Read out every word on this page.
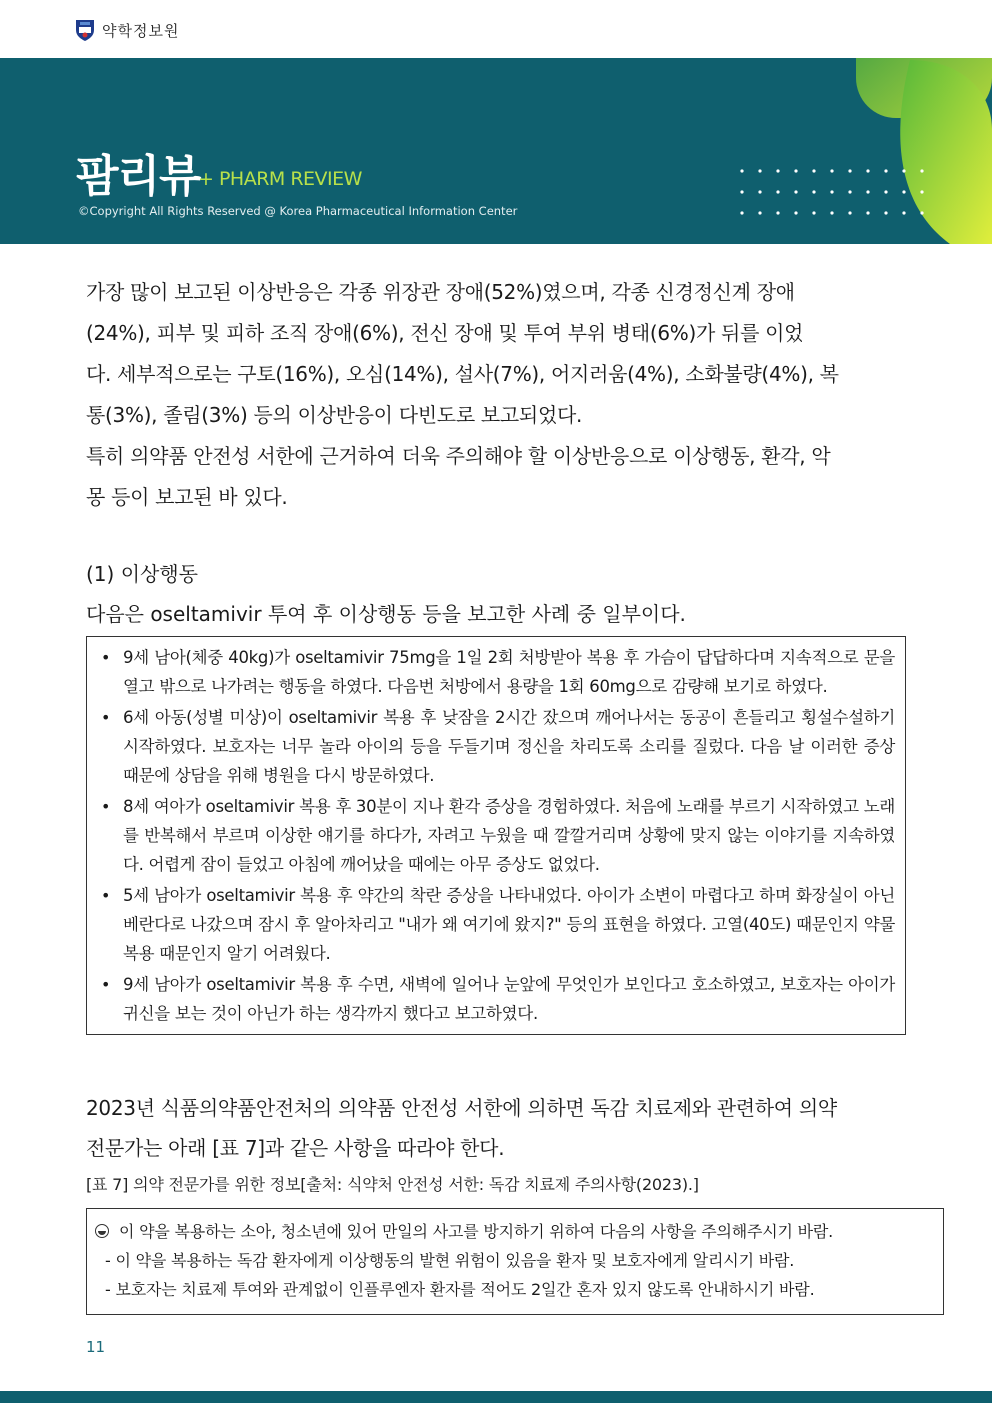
약학정보원
팜리뷰
+ PHARM REVIEW
©Copyright All Rights Reserved @ Korea Pharmaceutical Information Center

가장 많이 보고된 이상반응은 각종 위장관 장애(52%)였으며, 각종 신경정신계 장애

(24%), 피부 및 피하 조직 장애(6%), 전신 장애 및 투여 부위 병태(6%)가 뒤를 이었

다. 세부적으로는 구토(16%), 오심(14%), 설사(7%), 어지러움(4%), 소화불량(4%), 복

통(3%), 졸림(3%) 등의 이상반응이 다빈도로 보고되었다.

특히 의약품 안전성 서한에 근거하여 더욱 주의해야 할 이상반응으로 이상행동, 환각, 악

몽 등이 보고된 바 있다.

(1) 이상행동
다음은 oseltamivir 투여 후 이상행동 등을 보고한 사례 중 일부이다.
• 9세 남아(체중 40kg)가 oseltamivir 75mg을 1일 2회 처방받아 복용 후 가슴이 답답하다며 지속적으로 문을 열고 밖으로 나가려는 행동을 하였다. 다음번 처방에서 용량을 1회 60mg으로 감량해 보기로 하였다.
• 6세 아동(성별 미상)이 oseltamivir 복용 후 낮잠을 2시간 잤으며 깨어나서는 동공이 흔들리고 횡설수설하기 시작하였다. 보호자는 너무 놀라 아이의 등을 두들기며 정신을 차리도록 소리를 질렀다. 다음 날 이러한 증상 때문에 상담을 위해 병원을 다시 방문하였다.
• 8세 여아가 oseltamivir 복용 후 30분이 지나 환각 증상을 경험하였다. 처음에 노래를 부르기 시작하였고 노래를 반복해서 부르며 이상한 얘기를 하다가, 자려고 누웠을 때 깔깔거리며 상황에 맞지 않는 이야기를 지속하였다. 어렵게 잠이 들었고 아침에 깨어났을 때에는 아무 증상도 없었다.
• 5세 남아가 oseltamivir 복용 후 약간의 착란 증상을 나타내었다. 아이가 소변이 마렵다고 하며 화장실이 아닌 베란다로 나갔으며 잠시 후 알아차리고 "내가 왜 여기에 왔지?" 등의 표현을 하였다. 고열(40도) 때문인지 약물 복용 때문인지 알기 어려웠다.
• 9세 남아가 oseltamivir 복용 후 수면, 새벽에 일어나 눈앞에 무엇인가 보인다고 호소하였고, 보호자는 아이가 귀신을 보는 것이 아닌가 하는 생각까지 했다고 보고하였다.
2023년 식품의약품안전처의 의약품 안전성 서한에 의하면 독감 치료제와 관련하여 의약
전문가는 아래 [표 7]과 같은 사항을 따라야 한다.
[표 7] 의약 전문가를 위한 정보[출처: 식약처 안전성 서한: 독감 치료제 주의사항(2023).]
이 약을 복용하는 소아, 청소년에 있어 만일의 사고를 방지하기 위하여 다음의 사항을 주의해주시기 바람.
- 이 약을 복용하는 독감 환자에게 이상행동의 발현 위험이 있음을 환자 및 보호자에게 알리시기 바람.
- 보호자는 치료제 투여와 관계없이 인플루엔자 환자를 적어도 2일간 혼자 있지 않도록 안내하시기 바람.
11
